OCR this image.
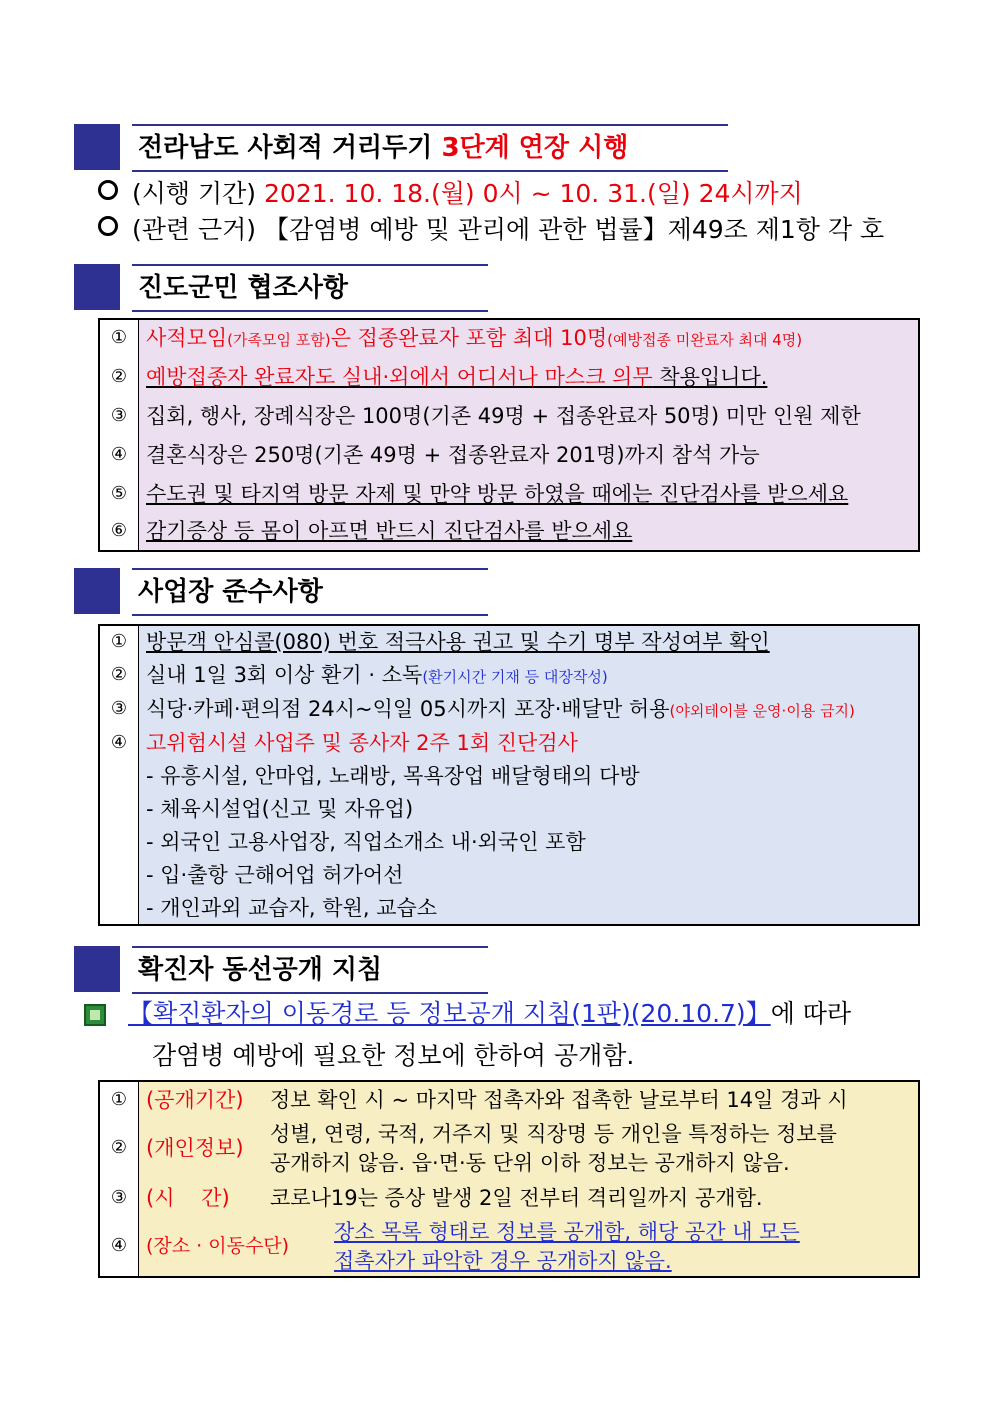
전라남도 사회적 거리두기 3단계 연장 시행
(시행 기간) 2021. 10. 18.(월) 0시 ~ 10. 31.(일) 24시까지
(관련 근거) 【감염병 예방 및 관리에 관한 법률】제49조 제1항 각 호
진도군민 협조사항
① 사적모임(가족모임 포함)은 접종완료자 포함 최대 10명(예방접종 미완료자 최대 4명)
② 예방접종자 완료자도 실내·외에서 어디서나 마스크 의무 착용입니다.
③ 집회, 행사, 장례식장은 100명(기존 49명 + 접종완료자 50명) 미만 인원 제한
④ 결혼식장은 250명(기존 49명 + 접종완료자 201명)까지 참석 가능
⑤ 수도권 및 타지역 방문 자제 및 만약 방문 하였을 때에는 진단검사를 받으세요
⑥ 감기증상 등 몸이 아프면 반드시 진단검사를 받으세요
사업장 준수사항
① 방문객 안심콜(080) 번호 적극사용 권고 및 수기 명부 작성여부 확인
② 실내 1일 3회 이상 환기 · 소독(환기시간 기재 등 대장작성)
③ 식당·카페·편의점 24시~익일 05시까지 포장·배달만 허용(야외테이블 운영·이용 금지)
④ 고위험시설 사업주 및 종사자 2주 1회 진단검사
- 유흥시설, 안마업, 노래방, 목욕장업 배달형태의 다방
- 체육시설업(신고 및 자유업)
- 외국인 고용사업장, 직업소개소 내·외국인 포함
- 입·출항 근해어업 허가어선
- 개인과외 교습자, 학원, 교습소
확진자 동선공개 지침
【확진환자의 이동경로 등 정보공개 지침(1판)(20.10.7)】에 따라
감염병 예방에 필요한 정보에 한하여 공개함.
① (공개기간) 정보 확인 시 ~ 마지막 접촉자와 접촉한 날로부터 14일 경과 시
② (개인정보)
성별, 연령, 국적, 거주지 및 직장명 등 개인을 특정하는 정보를
공개하지 않음. 읍·면·동 단위 이하 정보는 공개하지 않음.
③ (시    간) 코로나19는 증상 발생 2일 전부터 격리일까지 공개함.
④ (장소 · 이동수단)
장소 목록 형태로 정보를 공개함, 해당 공간 내 모든
접촉자가 파악한 경우 공개하지 않음.
